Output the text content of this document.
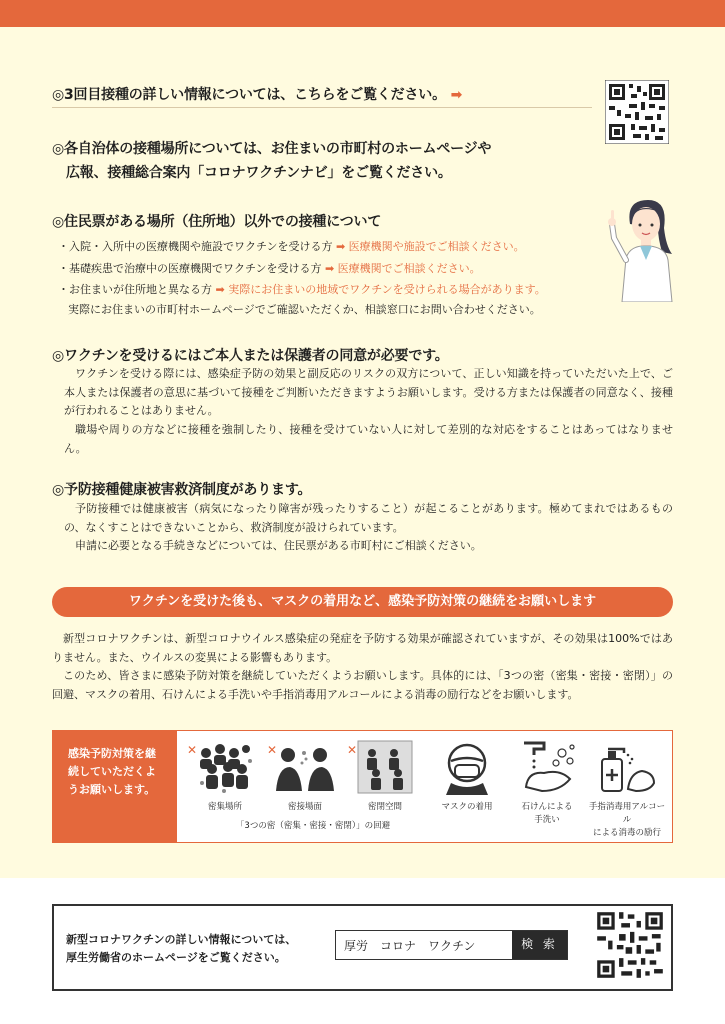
◎3回目接種の詳しい情報については、こちらをご覧ください。 ➡
◎各自治体の接種場所については、お住まいの市町村のホームページや
広報、接種総合案内「コロナワクチンナビ」をご覧ください。
◎住民票がある場所（住所地）以外での接種について
・入院・入所中の医療機関や施設でワクチンを受ける方 ➡ 医療機関や施設でご相談ください。
・基礎疾患で治療中の医療機関でワクチンを受ける方 ➡ 医療機関でご相談ください。
・お住まいが住所地と異なる方 ➡ 実際にお住まいの地域でワクチンを受けられる場合があります。
実際にお住まいの市町村ホームページでご確認いただくか、相談窓口にお問い合わせください。
◎ワクチンを受けるにはご本人または保護者の同意が必要です。
ワクチンを受ける際には、感染症予防の効果と副反応のリスクの双方について、正しい知識を持っていただいた上で、ご本人または保護者の意思に基づいて接種をご判断いただきますようお願いします。受ける方または保護者の同意なく、接種が行われることはありません。
職場や周りの方などに接種を強制したり、接種を受けていない人に対して差別的な対応をすることはあってはなりません。
◎予防接種健康被害救済制度があります。
予防接種では健康被害（病気になったり障害が残ったりすること）が起こることがあります。極めてまれではあるものの、なくすことはできないことから、救済制度が設けられています。
申請に必要となる手続きなどについては、住民票がある市町村にご相談ください。
ワクチンを受けた後も、マスクの着用など、感染予防対策の継続をお願いします
新型コロナワクチンは、新型コロナウイルス感染症の発症を予防する効果が確認されていますが、その効果は100%ではありません。また、ウイルスの変異による影響もあります。
このため、皆さまに感染予防対策を継続していただくようお願いします。具体的には、「3つの密（密集・密接・密閉）」の回避、マスクの着用、石けんによる手洗いや手指消毒用アルコールによる消毒の励行などをお願いします。
感染予防対策を継続していただくようお願いします。
✕
密集場所
✕
密接場面
✕
密閉空間	マスクの着用	石けんによる
手洗い
手指消毒用アルコール
による消毒の励行
「3つの密（密集・密接・密閉）」の回避
新型コロナワクチンの詳しい情報については、
厚生労働省のホームページをご覧ください。
厚労　コロナ　ワクチン	検 索
